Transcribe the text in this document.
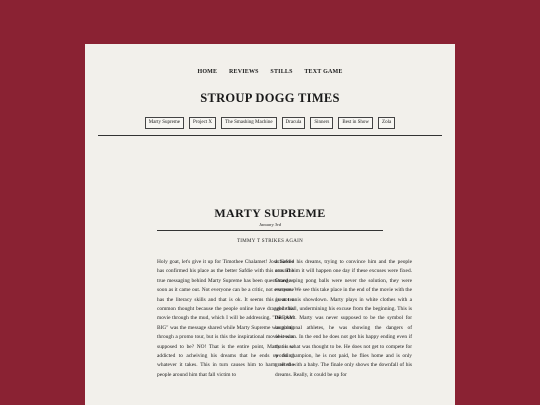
HOME REVIEWS STILLS TEXT GAME
STROUP DOGG TIMES
Marty Supreme	Project X	The Smashing Machine	Dracula	Sinners	Best in Show	Zola
MARTY SUPREME
January 3rd
TIMMY T STRIKES AGAIN
Holy goat, let's give it up for Timothee Chalamet! Josh Safdie has confirmed his place as the better Safdie with this one. The true messaging behind Marty Supreme has been questioned as soon as it came out. Not everyone can be a critic, not everyone has the literacy skills and that is ok. It seems this is not a common thought because the people online have dragged this movie through the mud, which I will be addressing. "DREAM BIG" was the message shared while Marty Supreme was going through a promo tour, but is this the inspirational movie it was supposed to be? NO! That is the entire point, Marty is so addicted to acheiving his dreams that he ends up doing whatever it takes. This in turn causes him to harm all the people around him that fall victim to
achieved his dreams, trying to convince him and the people around him it will happen one day if these excuses were fixed. Orange ping pong balls were never the solution, they were excuses. We see this take place in the end of the movie with the great tennis showdown. Marty plays in white clothes with a white ball, undermining his excuse from the beginning. This is the point. Marty was never supposed to be the symbol for inspirational athletes, he was showing the dangers of obsession. In the end he does not get his happy ending even if that is what was thought to be. He does not get to compete for world champion, he is not paid, he flies home and is only greeted with a baby. The finale only shows the downfall of his dreams. Really, it could be up for
